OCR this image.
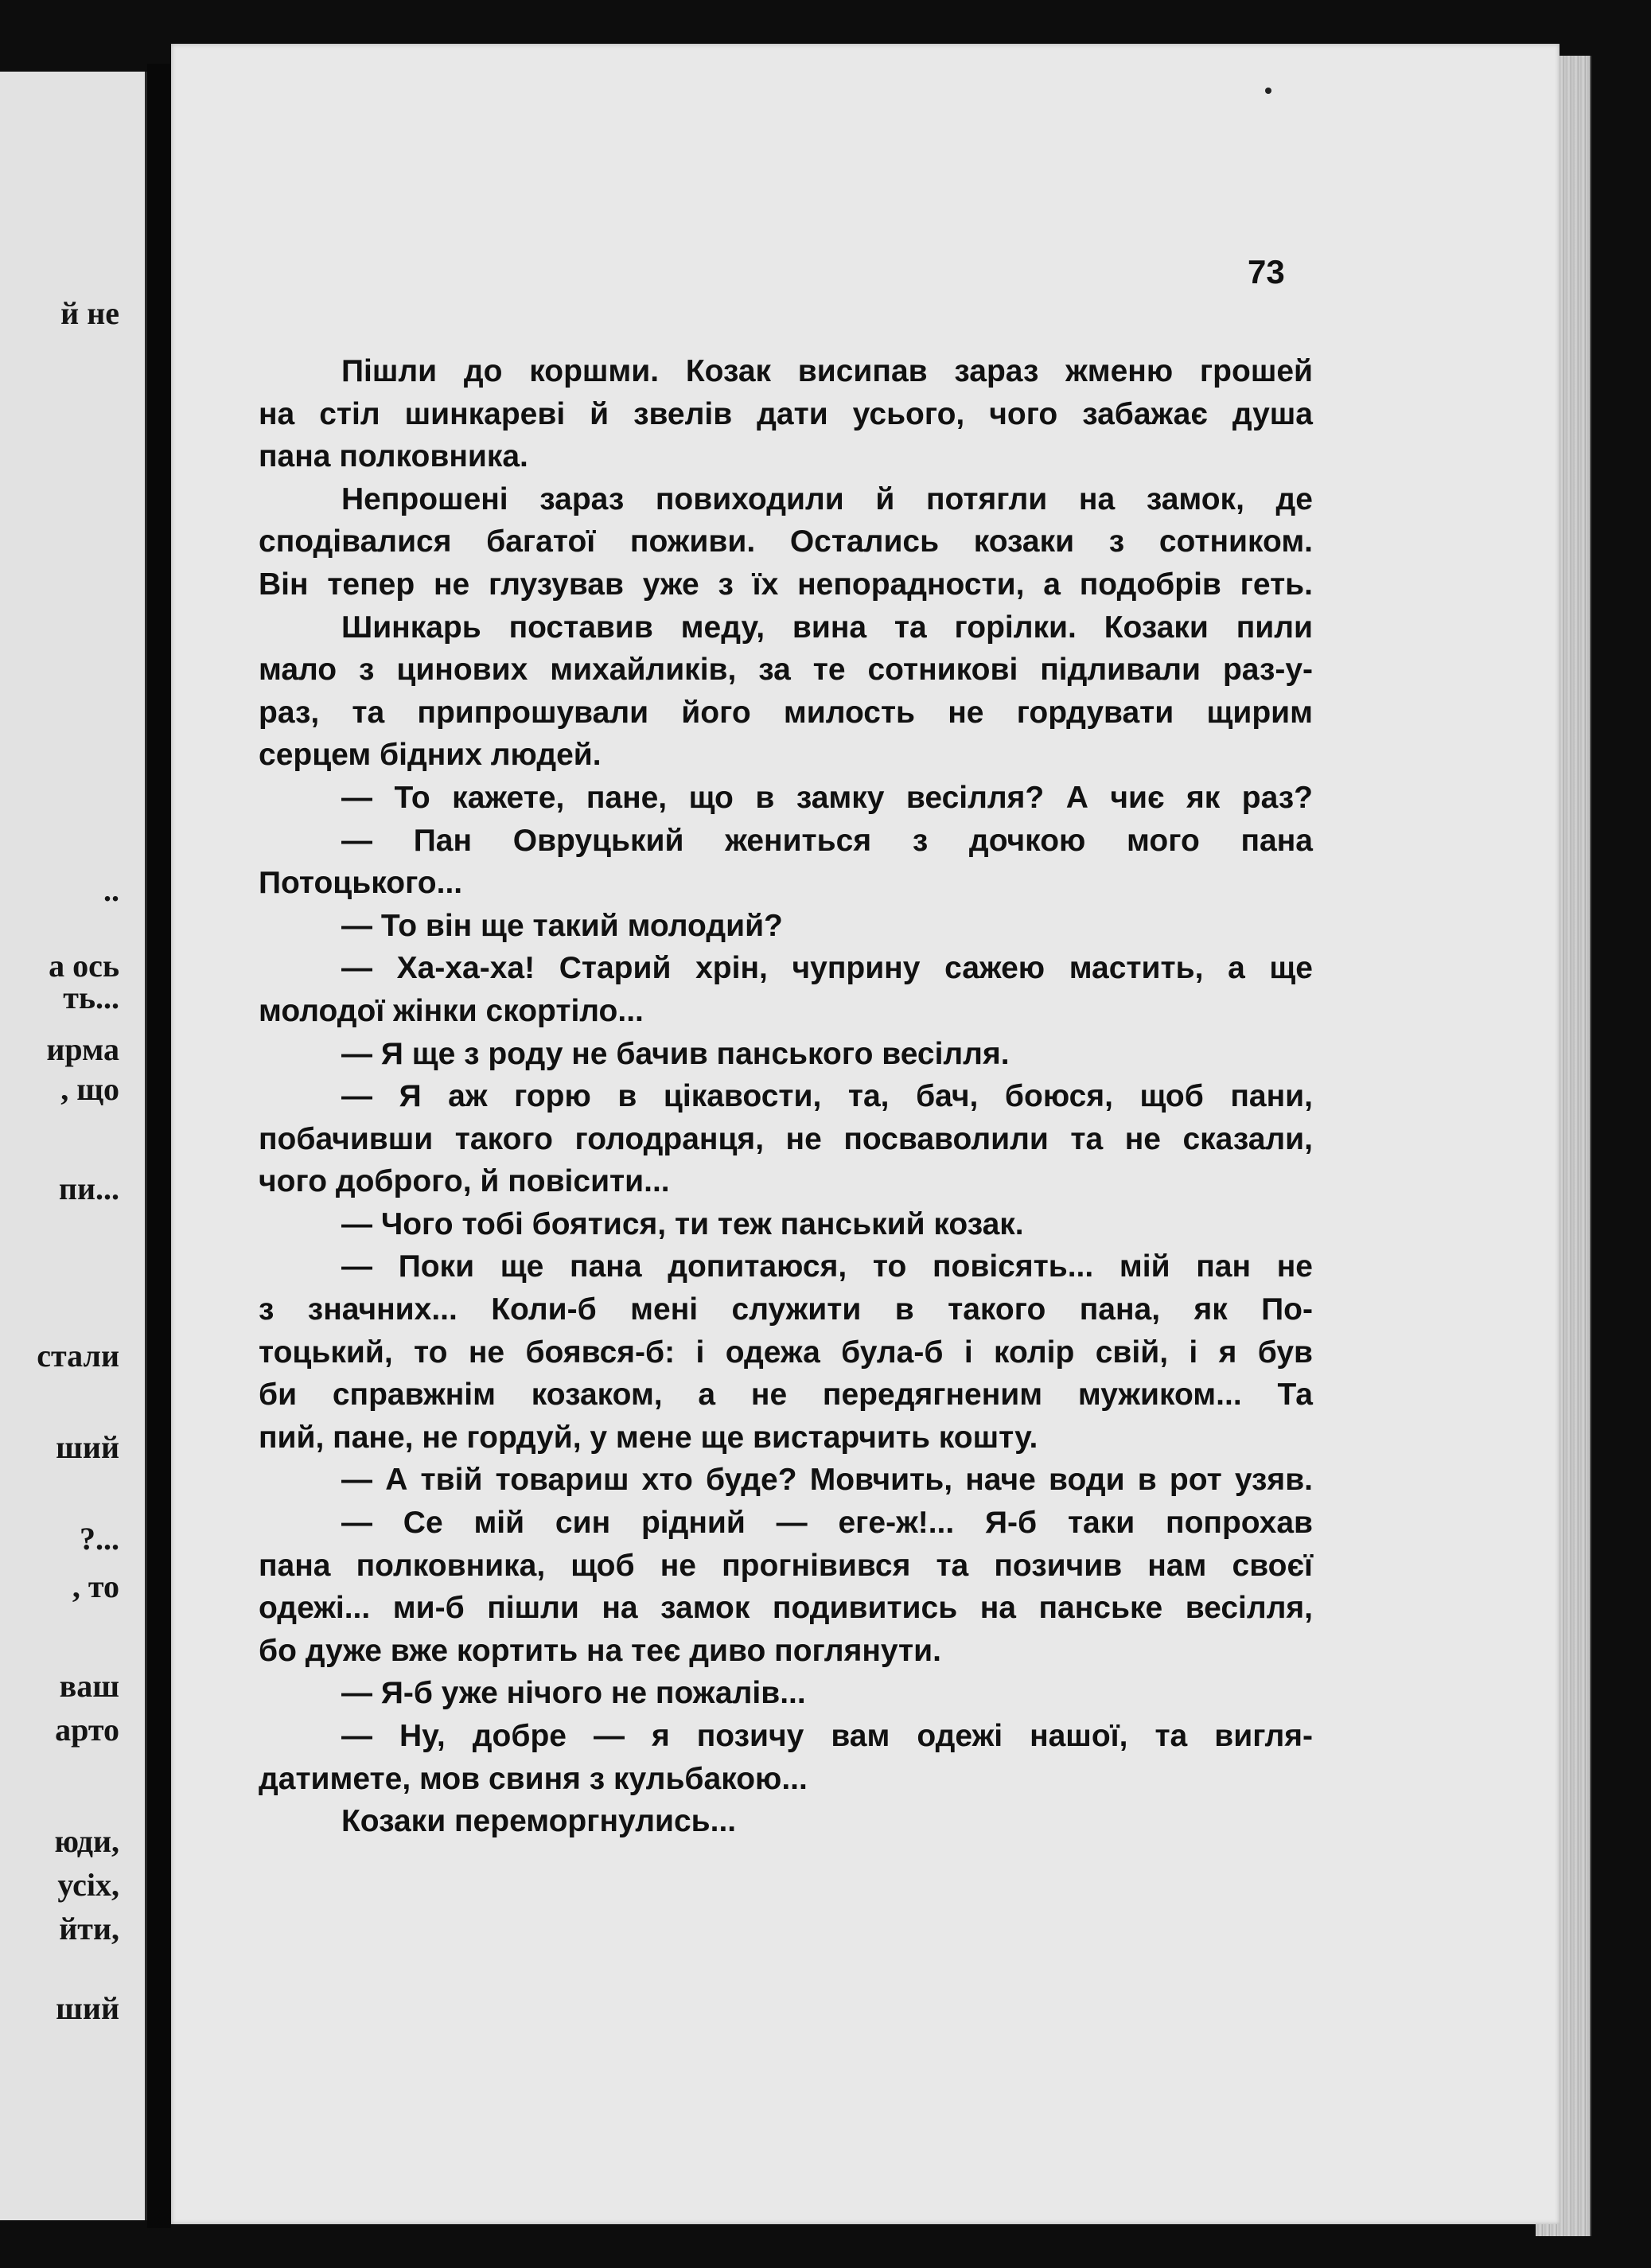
й не
..
а ось
ть...
ирма
, що
пи...
стали
ший
?...
, то
ваш
арто
юди,
усіх,
йти,
ший
73
Пішли до коршми. Козак висипав зараз жменю грошей
на стіл шинкареві й звелів дати усього, чого забажає душа
пана полковника.
Непрошені зараз повиходили й потягли на замок, де
сподівалися багатої поживи. Остались козаки з сотником.
Він тепер не глузував уже з їх непорадности, а подобрів геть.
Шинкарь поставив меду, вина та горілки. Козаки пили
мало з цинових михайликів, за те сотникові підливали раз-у-
раз, та припрошували його милость не гордувати щирим
серцем бідних людей.
— То кажете, пане, що в замку весілля? А чиє як раз?
— Пан Овруцький жениться з дочкою мого пана
Потоцького...
— То він ще такий молодий?
— Ха-ха-ха! Старий хрін, чуприну сажею мастить, а ще
молодої жінки скортіло...
— Я ще з роду не бачив панського весілля.
— Я аж горю в цікавости, та, бач, боюся, щоб пани,
побачивши такого голодранця, не посваволили та не сказали,
чого доброго, й повісити...
— Чого тобі боятися, ти теж панський козак.
— Поки ще пана допитаюся, то повісять... мій пан не
з значних... Коли-б мені служити в такого пана, як По-
тоцький, то не боявся-б: і одежа була-б і колір свій, і я був
би справжнім козаком, а не передягненим мужиком... Та
пий, пане, не гордуй, у мене ще вистарчить кошту.
— А твій товариш хто буде? Мовчить, наче води в рот узяв.
— Се мій син рідний — еге-ж!... Я-б таки попрохав
пана полковника, щоб не прогнівився та позичив нам своєї
одежі... ми-б пішли на замок подивитись на панське весілля,
бо дуже вже кортить на теє диво поглянути.
— Я-б уже нічого не пожалів...
— Ну, добре — я позичу вам одежі нашої, та вигля-
датимете, мов свиня з кульбакою...
Козаки переморгнулись...
